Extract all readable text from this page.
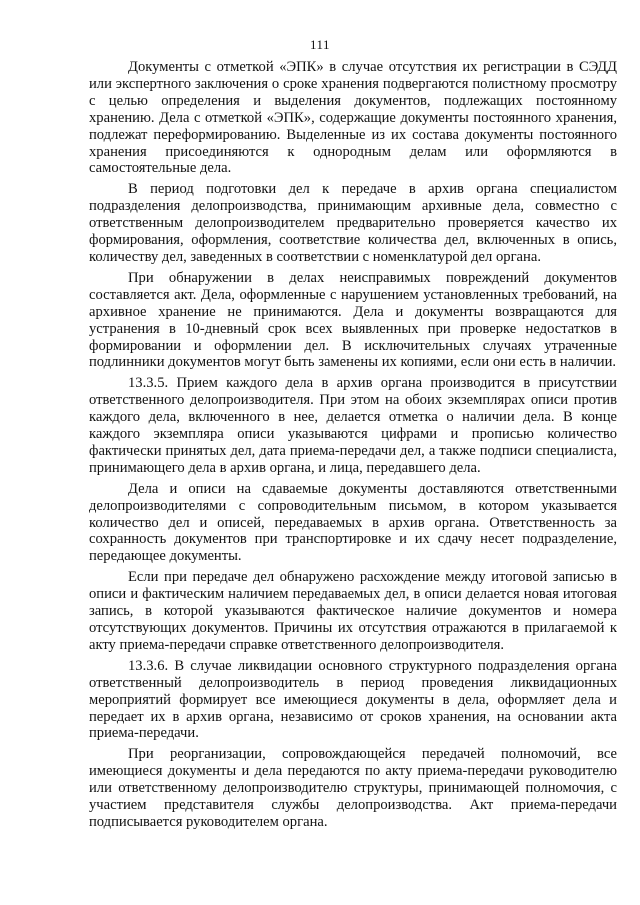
111

Документы с отметкой «ЭПК» в случае отсутствия их регистрации в СЭДД или экспертного заключения о сроке хранения подвергаются полистному просмотру с целью определения и выделения документов, подлежащих постоянному хранению. Дела с отметкой «ЭПК», содержащие документы постоянного хранения, подлежат переформированию. Выделенные из их состава документы постоянного хранения присоединяются к однородным делам или оформляются в самостоятельные дела.

В период подготовки дел к передаче в архив органа специалистом подразделения делопроизводства, принимающим архивные дела, совместно с ответственным делопроизводителем предварительно проверяется качество их формирования, оформления, соответствие количества дел, включенных в опись, количеству дел, заведенных в соответствии с номенклатурой дел органа.

При обнаружении в делах неисправимых повреждений документов составляется акт. Дела, оформленные с нарушением установленных требований, на архивное хранение не принимаются. Дела и документы возвращаются для устранения в 10-дневный срок всех выявленных при проверке недостатков в формировании и оформлении дел. В исключительных случаях утраченные подлинники документов могут быть заменены их копиями, если они есть в наличии.

13.3.5. Прием каждого дела в архив органа производится в присутствии ответственного делопроизводителя. При этом на обоих экземплярах описи против каждого дела, включенного в нее, делается отметка о наличии дела. В конце каждого экземпляра описи указываются цифрами и прописью количество фактически принятых дел, дата приема-передачи дел, а также подписи специалиста, принимающего дела в архив органа, и лица, передавшего дела.

Дела и описи на сдаваемые документы доставляются ответственными делопроизводителями с сопроводительным письмом, в котором указывается количество дел и описей, передаваемых в архив органа. Ответственность за сохранность документов при транспортировке и их сдачу несет подразделение, передающее документы.

Если при передаче дел обнаружено расхождение между итоговой записью в описи и фактическим наличием передаваемых дел, в описи делается новая итоговая запись, в которой указываются фактическое наличие документов и номера отсутствующих документов. Причины их отсутствия отражаются в прилагаемой к акту приема-передачи справке ответственного делопроизводителя.

13.3.6. В случае ликвидации основного структурного подразделения органа ответственный делопроизводитель в период проведения ликвидационных мероприятий формирует все имеющиеся документы в дела, оформляет дела и передает их в архив органа, независимо от сроков хранения, на основании акта приема-передачи.

При реорганизации, сопровождающейся передачей полномочий, все имеющиеся документы и дела передаются по акту приема-передачи руководителю или ответственному делопроизводителю структуры, принимающей полномочия, с участием представителя службы делопроизводства. Акт приема-передачи подписывается руководителем органа.
